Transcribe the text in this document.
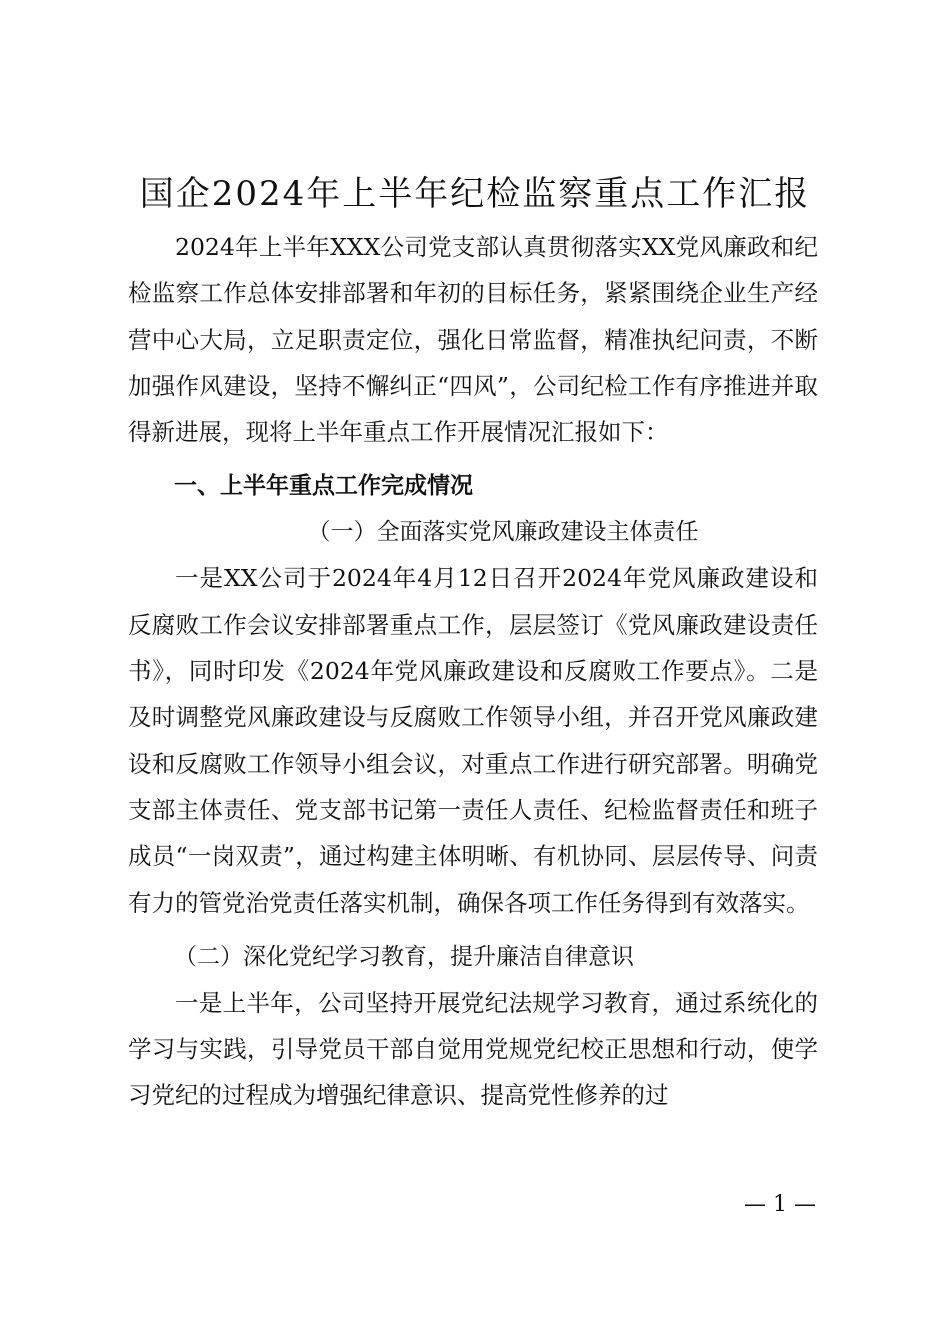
国企2024年上半年纪检监察重点工作汇报

2024年上半年XXX公司党支部认真贯彻落实XX党风廉政和纪检监察工作总体安排部署和年初的目标任务，紧紧围绕企业生产经营中心大局，立足职责定位，强化日常监督，精准执纪问责，不断加强作风建设，坚持不懈纠正“四风”，公司纪检工作有序推进并取得新进展，现将上半年重点工作开展情况汇报如下：

一、上半年重点工作完成情况

（一）全面落实党风廉政建设主体责任

一是XX公司于2024年4月12日召开2024年党风廉政建设和反腐败工作会议安排部署重点工作，层层签订《党风廉政建设责任书》，同时印发《2024年党风廉政建设和反腐败工作要点》。二是及时调整党风廉政建设与反腐败工作领导小组，并召开党风廉政建设和反腐败工作领导小组会议，对重点工作进行研究部署。明确党支部主体责任、党支部书记第一责任人责任、纪检监督责任和班子成员“一岗双责”，通过构建主体明晰、有机协同、层层传导、问责有力的管党治党责任落实机制，确保各项工作任务得到有效落实。

（二）深化党纪学习教育，提升廉洁自律意识

一是上半年，公司坚持开展党纪法规学习教育，通过系统化的学习与实践，引导党员干部自觉用党规党纪校正思想和行动，使学习党纪的过程成为增强纪律意识、提高党性修养的过

— 1 —
